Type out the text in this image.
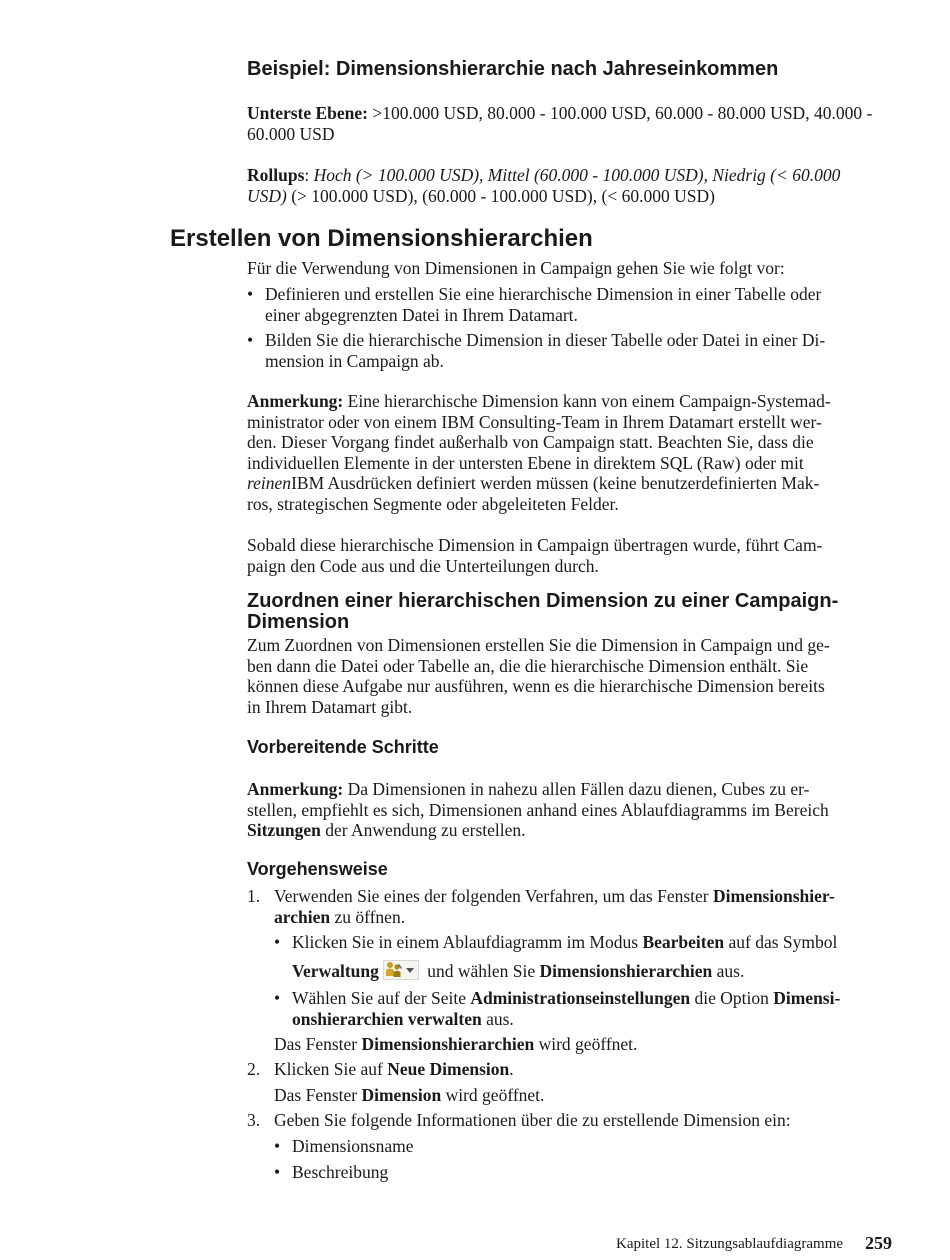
Beispiel: Dimensionshierarchie nach Jahreseinkommen
Unterste Ebene: >100.000 USD, 80.000 - 100.000 USD, 60.000 - 80.000 USD, 40.000 -
60.000 USD
Rollups: Hoch (> 100.000 USD), Mittel (60.000 - 100.000 USD), Niedrig (< 60.000
USD) (> 100.000 USD), (60.000 - 100.000 USD), (< 60.000 USD)
Erstellen von Dimensionshierarchien
Für die Verwendung von Dimensionen in Campaign gehen Sie wie folgt vor:
• Definieren und erstellen Sie eine hierarchische Dimension in einer Tabelle oder
einer abgegrenzten Datei in Ihrem Datamart.
• Bilden Sie die hierarchische Dimension in dieser Tabelle oder Datei in einer Di-
mension in Campaign ab.
Anmerkung: Eine hierarchische Dimension kann von einem Campaign-Systemad-
ministrator oder von einem IBM Consulting-Team in Ihrem Datamart erstellt wer-
den. Dieser Vorgang findet außerhalb von Campaign statt. Beachten Sie, dass die
individuellen Elemente in der untersten Ebene in direktem SQL (Raw) oder mit
reinenIBM Ausdrücken definiert werden müssen (keine benutzerdefinierten Mak-
ros, strategischen Segmente oder abgeleiteten Felder.
Sobald diese hierarchische Dimension in Campaign übertragen wurde, führt Cam-
paign den Code aus und die Unterteilungen durch.
Zuordnen einer hierarchischen Dimension zu einer Campaign-
Dimension
Zum Zuordnen von Dimensionen erstellen Sie die Dimension in Campaign und ge-
ben dann die Datei oder Tabelle an, die die hierarchische Dimension enthält. Sie
können diese Aufgabe nur ausführen, wenn es die hierarchische Dimension bereits
in Ihrem Datamart gibt.
Vorbereitende Schritte
Anmerkung: Da Dimensionen in nahezu allen Fällen dazu dienen, Cubes zu er-
stellen, empfiehlt es sich, Dimensionen anhand eines Ablaufdiagramms im Bereich
Sitzungen der Anwendung zu erstellen.
Vorgehensweise
1. Verwenden Sie eines der folgenden Verfahren, um das Fenster Dimensionshier-
archien zu öffnen.
• Klicken Sie in einem Ablaufdiagramm im Modus Bearbeiten auf das Symbol
Verwaltung	und wählen Sie Dimensionshierarchien aus.
• Wählen Sie auf der Seite Administrationseinstellungen die Option Dimensi-
onshierarchien verwalten aus.
Das Fenster Dimensionshierarchien wird geöffnet.
2. Klicken Sie auf Neue Dimension.
Das Fenster Dimension wird geöffnet.
3. Geben Sie folgende Informationen über die zu erstellende Dimension ein:
• Dimensionsname
• Beschreibung
Kapitel 12. Sitzungsablaufdiagramme 259
